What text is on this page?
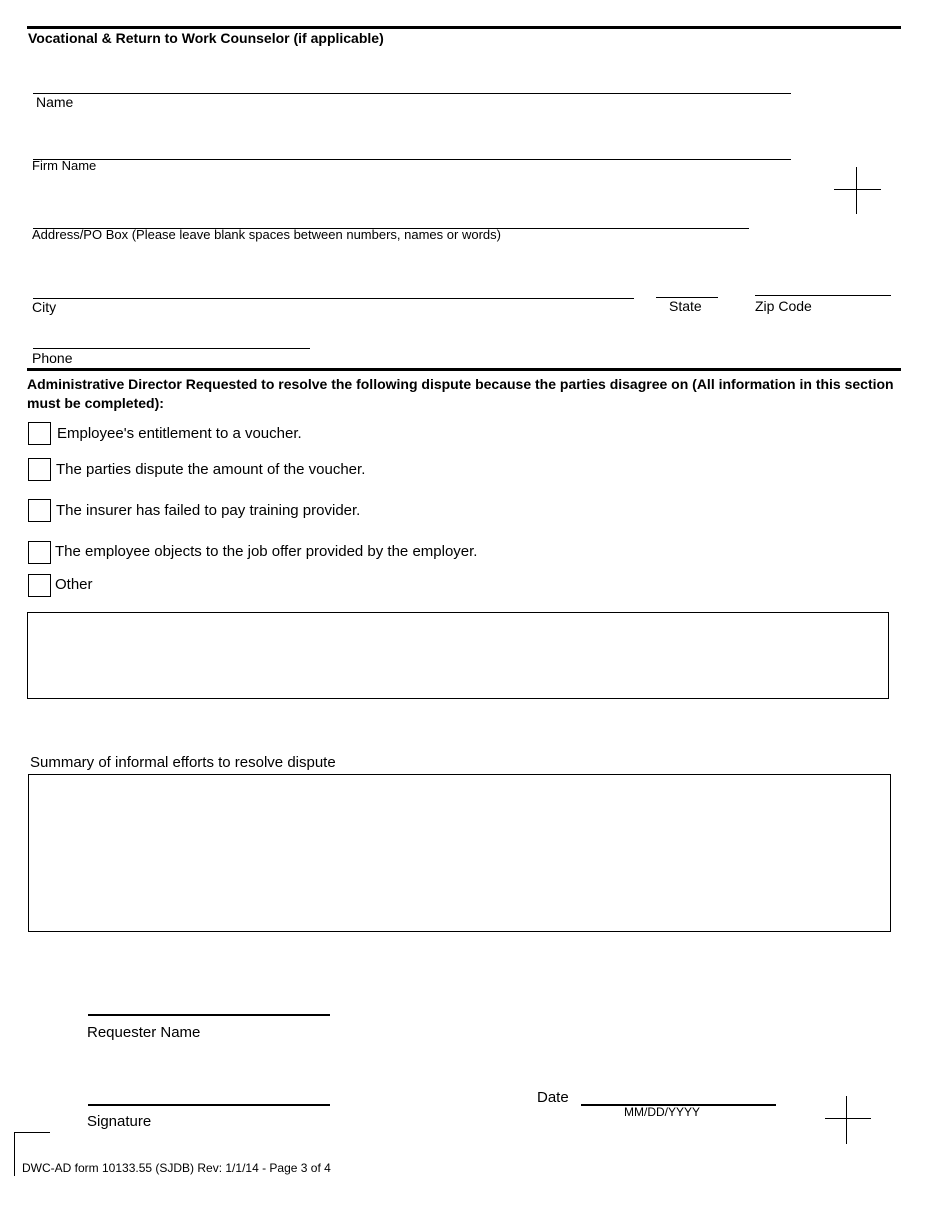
Vocational & Return to Work Counselor (if applicable)
Name
Firm Name
Address/PO Box (Please leave blank spaces between numbers, names or words)
City	State	Zip Code
Phone
Administrative Director Requested to resolve the following dispute because the parties disagree on (All information in this section must be completed):
Employee's entitlement to a voucher.
The parties dispute the amount of the voucher.
The insurer has failed to pay training provider.
The employee objects to the job offer provided by the employer.
Other
Summary of informal efforts to resolve dispute
Requester Name
Signature
Date
MM/DD/YYYY
DWC-AD form 10133.55 (SJDB) Rev: 1/1/14 - Page 3 of 4
